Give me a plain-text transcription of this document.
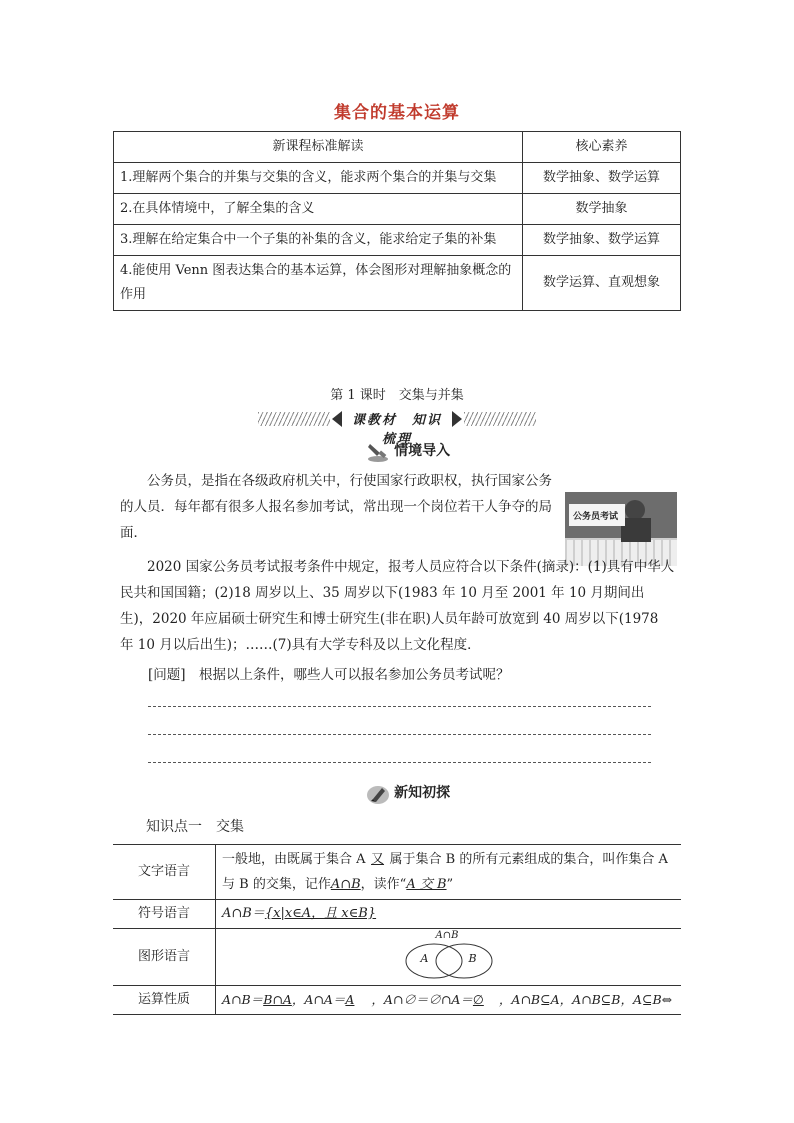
集合的基本运算
新课程标准解读	核心素养
1.理解两个集合的并集与交集的含义，能求两个集合的并集与交集	数学抽象、数学运算
2.在具体情境中，了解全集的含义	数学抽象
3.理解在给定集合中一个子集的补集的含义，能求给定子集的补集	数学抽象、数学运算
4.能使用 Venn 图表达集合的基本运算，体会图形对理解抽象概念的作用	数学运算、直观想象
第 1 课时　交集与并集
课教材　知识梳理
情境导入

公务员，是指在各级政府机关中，行使国家行政职权，执行国家公务的人员．每年都有很多人报名参加考试，常出现一个岗位若干人争夺的局面．

公务员考试

2020 国家公务员考试报考条件中规定，报考人员应符合以下条件(摘录)：(1)具有中华人民共和国国籍；(2)18 周岁以上、35 周岁以下(1983 年 10 月至 2001 年 10 月期间出生)，2020 年应届硕士研究生和博士研究生(非在职)人员年龄可放宽到 40 周岁以下(1978 年 10 月以后出生)；……(7)具有大学专科及以上文化程度．

[问题]　根据以上条件，哪些人可以报名参加公务员考试呢？

新知初探
知识点一　交集
文字语言	一般地，由既属于集合 A 又 属于集合 B 的所有元素组成的集合，叫作集合 A 与 B 的交集，记作A∩B，读作“A 交 B”
符号语言	A∩B＝{x|x∈A，且 x∈B}
图形语言	A∩B
A B

运算性质	A∩B＝B∩A，A∩A＝A ，A∩∅＝∅∩A＝∅ ，A∩B⊆A，A∩B⊆B，A⊆B⇔
